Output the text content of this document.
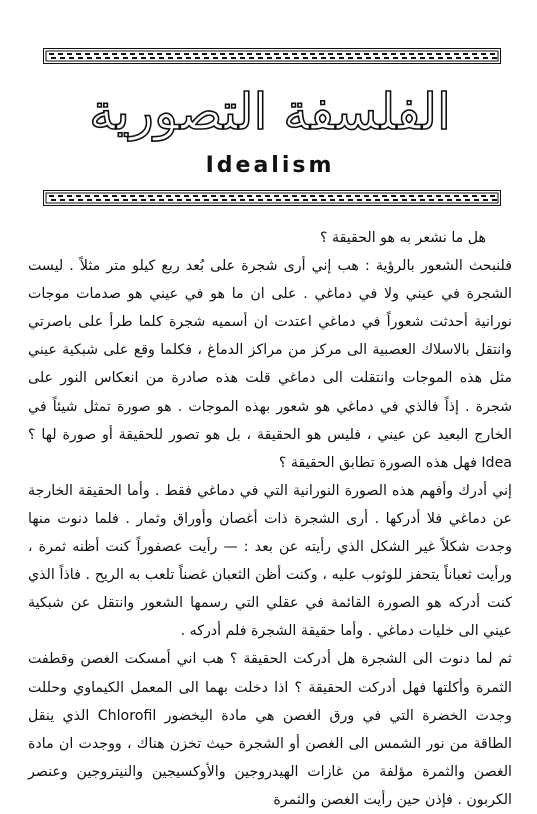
الفلسفة التصورية
Idealism

هل ما نشعر به هو الحقيقة ؟

فلنبحث الشعور بالرؤية : هب إني أرى شجرة على بُعد ربع كيلو متر مثلاً . ليست الشجرة في عيني ولا في دماغي . على ان ما هو في عيني هو صدمات موجات نورانية أحدثت شعوراً في دماغي اعتدت ان أسميه شجرة كلما طرأ على باصرتي وانتقل بالاسلاك العصبية الى مركز من مراكز الدماغ ، فكلما وقع على شبكية عيني مثل هذه الموجات وانتقلت الى دماغي قلت هذه صادرة من انعكاس النور على شجرة . إذاً فالذي في دماغي هو شعور بهذه الموجات . هو صورة تمثل شيئاً في الخارج البعيد عن عيني ، فليس هو الحقيقة ، بل هو تصور للحقيقة أو صورة لها ؟ Idea فهل هذه الصورة تطابق الحقيقة ؟

إني أدرك وأفهم هذه الصورة النورانية التي في دماغي فقط . وأما الحقيقة الخارجة عن دماغي فلا أدركها . أرى الشجرة ذات أغصان وأوراق وثمار . فلما دنوت منها وجدت شكلاً غير الشكل الذي رأيته عن بعد : — رأيت عصفوراً كنت أظنه ثمرة ، ورأيت ثعباناً يتحفز للوثوب عليه ، وكنت أظن الثعبان غصناً تلعب به الريح . فاذاً الذي كنت أدركه هو الصورة القائمة في عقلي التي رسمها الشعور وانتقل عن شبكية عيني الى خليات دماغي . وأما حقيقة الشجرة فلم أدركه .

ثم لما دنوت الى الشجرة هل أدركت الحقيقة ؟ هب اني أمسكت الغصن وقطفت الثمرة وأكلتها فهل أدركت الحقيقة ؟ اذا دخلت بهما الى المعمل الكيماوي وحللت وجدت الخضرة التي في ورق الغصن هي مادة اليخضور Chlorofil الذي ينقل الطاقة من نور الشمس الى الغصن أو الشجرة حيث تخزن هناك ، ووجدت ان مادة الغصن والثمرة مؤلفة من غازات الهيدروجين والأوكسيجين والنيتروجين وعنصر الكربون . فإذن حين رأيت الغصن والثمرة
